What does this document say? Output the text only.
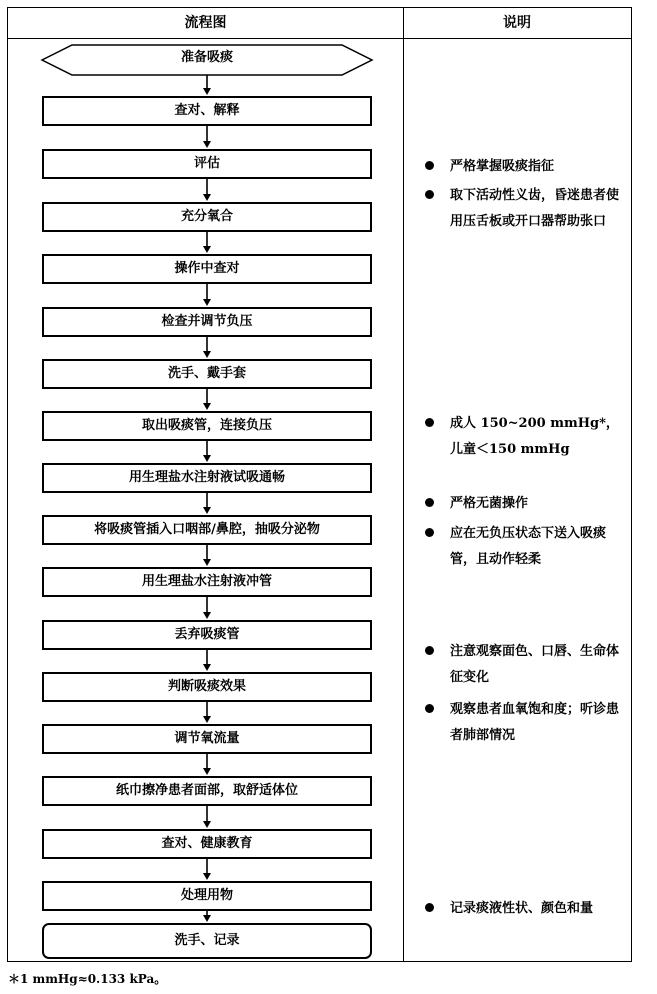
流程图	说明
准备吸痰
查对、解释
评估
充分氧合
操作中查对
检查并调节负压
洗手、戴手套
取出吸痰管，连接负压
用生理盐水注射液试吸通畅
将吸痰管插入口咽部/鼻腔，抽吸分泌物
用生理盐水注射液冲管
丢弃吸痰管
判断吸痰效果
调节氧流量
纸巾擦净患者面部，取舒适体位
查对、健康教育
处理用物
洗手、记录
严格掌握吸痰指征
取下活动性义齿，昏迷患者使用压舌板或开口器帮助张口
成人 150~200 mmHg*，儿童＜150 mmHg
严格无菌操作
应在无负压状态下送入吸痰管，且动作轻柔
注意观察面色、口唇、生命体征变化
观察患者血氧饱和度；听诊患者肺部情况
记录痰液性状、颜色和量
＊1 mmHg≈0.133 kPa。
